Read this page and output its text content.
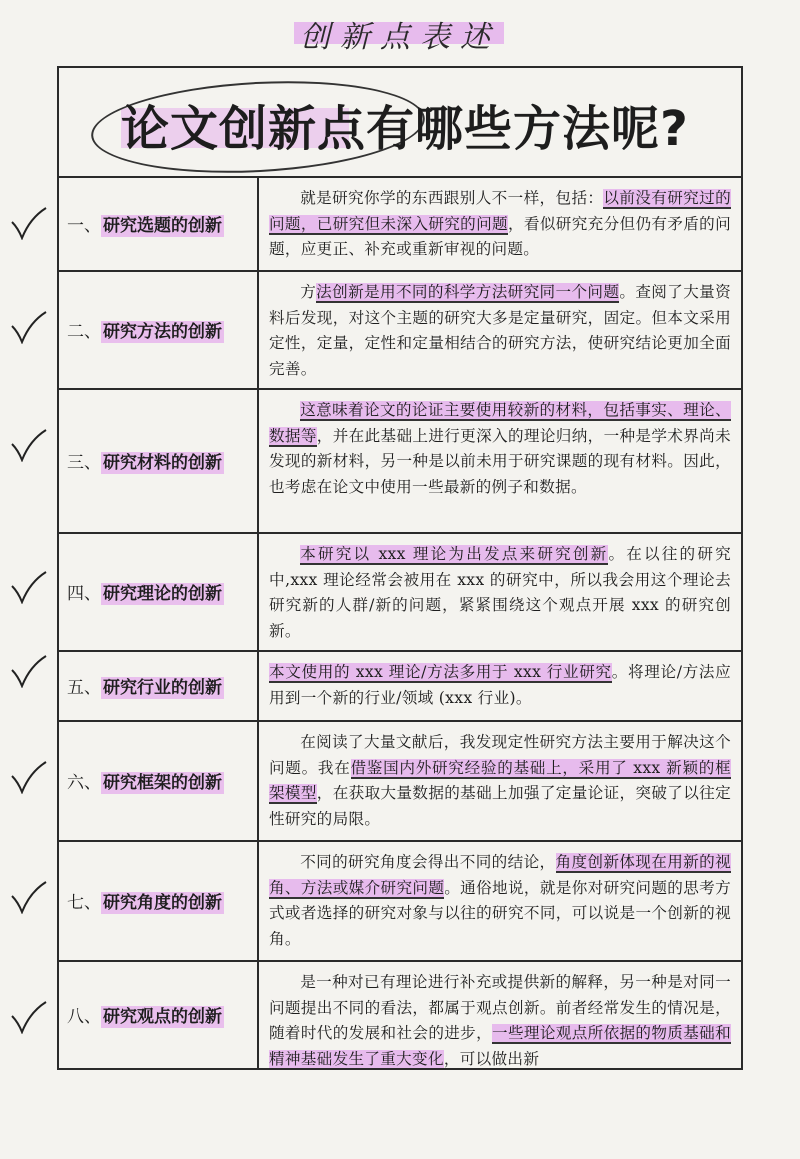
创新点表述
论文创新点有哪些方法呢?
一、 研究选题的创新
就是研究你学的东西跟别人不一样，包括：以前没有研究过的问题，已研究但未深入研究的问题，看似研究充分但仍有矛盾的问题，应更正、补充或重新审视的问题。
二、 研究方法的创新
方法创新是用不同的科学方法研究同一个问题。查阅了大量资料后发现，对这个主题的研究大多是定量研究，固定。但本文采用定性，定量，定性和定量相结合的研究方法，使研究结论更加全面完善。
三、 研究材料的创新
这意味着论文的论证主要使用较新的材料，包括事实、理论、数据等，并在此基础上进行更深入的理论归纳，一种是学术界尚未发现的新材料，另一种是以前未用于研究课题的现有材料。因此，也考虑在论文中使用一些最新的例子和数据。
四、 研究理论的创新
本研究以 xxx 理论为出发点来研究创新。在以往的研究中,xxx 理论经常会被用在 xxx 的研究中，所以我会用这个理论去研究新的人群/新的问题，紧紧围绕这个观点开展 xxx 的研究创新。
五、 研究行业的创新
本文使用的 xxx 理论/方法多用于 xxx 行业研究。将理论/方法应用到一个新的行业/领域 (xxx 行业)。
六、 研究框架的创新
在阅读了大量文献后，我发现定性研究方法主要用于解决这个问题。我在借鉴国内外研究经验的基础上，采用了 xxx 新颖的框架模型，在获取大量数据的基础上加强了定量论证，突破了以往定性研究的局限。
七、 研究角度的创新
不同的研究角度会得出不同的结论，角度创新体现在用新的视角、方法或媒介研究问题。通俗地说，就是你对研究问题的思考方式或者选择的研究对象与以往的研究不同，可以说是一个创新的视角。
八、 研究观点的创新
是一种对已有理论进行补充或提供新的解释，另一种是对同一问题提出不同的看法，都属于观点创新。前者经常发生的情况是，随着时代的发展和社会的进步，一些理论观点所依据的物质基础和精神基础发生了重大变化，可以做出新
